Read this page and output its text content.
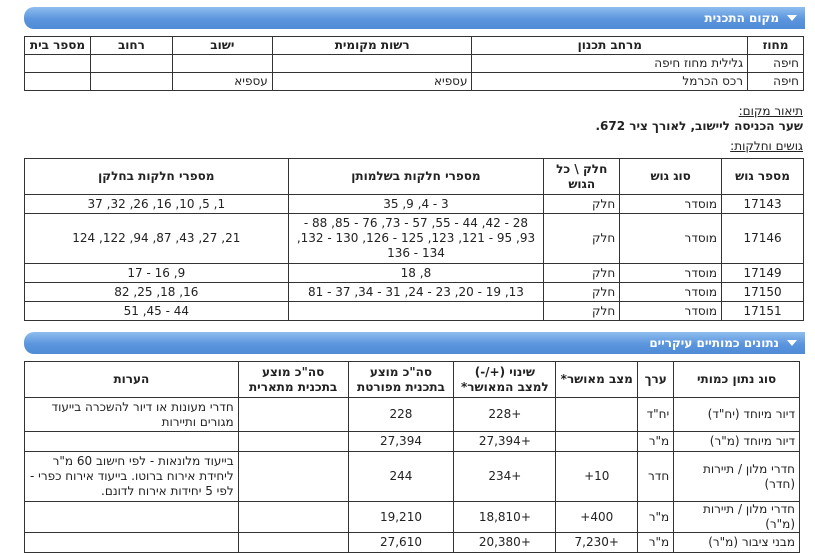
מקום התכנית
מחוז	מרחב תכנון	רשות מקומית	ישוב	רחוב	מספר בית
חיפה	גלילית מחוז חיפה				
חיפה	רכס הכרמל	עספיא	עספיא		
תיאור מקום:
שער הכניסה ליישוב, לאורך ציר 672.
גושים וחלקות:
מספר גוש	סוג גוש	חלק \ כל הגוש	מספרי חלקות בשלמותן	מספרי חלקות בחלקן
17143	מוסדר	חלק	3 - 4, 9, 35	1, 5, 10, 16, 26, 32, 37
17146	מוסדר	חלק	28 - 42, 44 - 55, 57 - 73, 76 - 85, 88 - 93, 95 - 121, 123, 125 - 126, 130 - 132, 134 - 136	21, 27, 43, 87, 94, 122, 124
17149	מוסדר	חלק	8, 18	9, 16 - 17
17150	מוסדר	חלק	13, 19 - 20, 23 - 24, 31 - 34, 37 - 81	16, 18, 25, 82
17151	מוסדר	חלק		44 - 45, 51
נתונים כמותיים עיקריים
סוג נתון כמותי	ערך	מצב מאושר*	שינוי (+/-) למצב המאושר*	סה"כ מוצע בתכנית מפורטת	סה"כ מוצע בתכנית מתארית	הערות
דיור מיוחד (יח"ד)	יח"ד		+228	228		חדרי מעונות או דיור להשכרה בייעוד מגורים ותיירות
דיור מיוחד (מ"ר)	מ"ר		+27,394	27,394		
חדרי מלון / תיירות (חדר)	חדר	10+	+234	244		בייעוד מלונאות - לפי חישוב 60 מ"ר ליחידת אירוח ברוטו. בייעוד אירוח כפרי - לפי 5 יחידות אירוח לדונם.
חדרי מלון / תיירות (מ"ר)	מ"ר	400+	+18,810	19,210		
מבני ציבור (מ"ר)	מ"ר	+7,230	+20,380	27,610		
